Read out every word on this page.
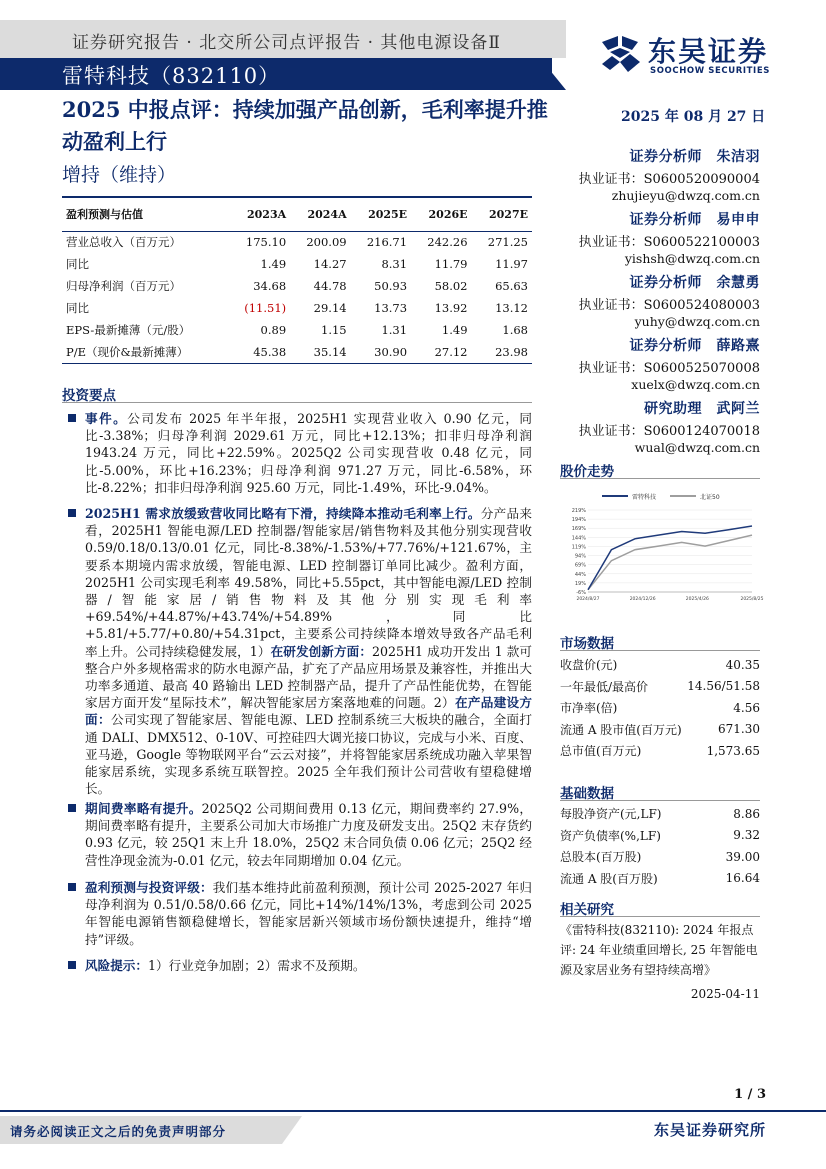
证券研究报告 · 北交所公司点评报告 · 其他电源设备Ⅱ
雷特科技（832110）
东吴证券
SOOCHOW SECURITIES
2025 中报点评：持续加强产品创新，毛利率提升推动盈利上行
增持（维持）
2025 年 08 月 27 日
盈利预测与估值	2023A	2024A	2025E	2026E	2027E
营业总收入（百万元）	175.10	200.09	216.71	242.26	271.25
同比	1.49	14.27	8.31	11.79	11.97
归母净利润（百万元）	34.68	44.78	50.93	58.02	65.63
同比	(11.51)	29.14	13.73	13.92	13.12
EPS-最新摊薄（元/股）	0.89	1.15	1.31	1.49	1.68
P/E（现价&最新摊薄）	45.38	35.14	30.90	27.12	23.98
证券分析师　朱洁羽
执业证书：S0600520090004
zhujieyu@dwzq.com.cn
证券分析师　易申申
执业证书：S0600522100003
yishsh@dwzq.com.cn
证券分析师　余慧勇
执业证书：S0600524080003
yuhy@dwzq.com.cn
证券分析师　薛路熹
执业证书：S0600525070008
xuelx@dwzq.com.cn
研究助理　武阿兰
执业证书：S0600124070018
wual@dwzq.com.cn
投资要点

事件。公司发布 2025 年半年报，2025H1 实现营业收入 0.90 亿元，同比-3.38%；归母净利润 2029.61 万元，同比+12.13%；扣非归母净利润 1943.24 万元，同比+22.59%。2025Q2 公司实现营收 0.48 亿元，同比-5.00%，环比+16.23%；归母净利润 971.27 万元，同比-6.58%，环比-8.22%；扣非归母净利润 925.60 万元，同比-1.49%，环比-9.04%。

2025H1 需求放缓致营收同比略有下滑，持续降本推动毛利率上行。分产品来看，2025H1 智能电源/LED 控制器/智能家居/销售物料及其他分别实现营收 0.59/0.18/0.13/0.01 亿元，同比-8.38%/-1.53%/+77.76%/+121.67%，主要系本期境内需求放缓，智能电源、LED 控制器订单同比减少。盈利方面，2025H1 公司实现毛利率 49.58%，同比+5.55pct，其中智能电源/LED 控制器/智能家居/销售物料及其他分别实现毛利率+69.54%/+44.87%/+43.74%/+54.89%，同比+5.81/+5.77/+0.80/+54.31pct，主要系公司持续降本增效导致各产品毛利率上升。公司持续稳健发展，1）在研发创新方面：2025H1 成功开发出 1 款可整合户外多规格需求的防水电源产品，扩充了产品应用场景及兼容性，并推出大功率多通道、最高 40 路输出 LED 控制器产品，提升了产品性能优势，在智能家居方面开发“星际技术”，解决智能家居方案落地难的问题。2）在产品建设方面：公司实现了智能家居、智能电源、LED 控制系统三大板块的融合，全面打通 DALI、DMX512、0-10V、可控硅四大调光接口协议，完成与小米、百度、亚马逊，Google 等物联网平台“云云对接”，并将智能家居系统成功融入苹果智能家居系统，实现多系统互联智控。2025 全年我们预计公司营收有望稳健增长。

期间费率略有提升。2025Q2 公司期间费用 0.13 亿元，期间费率约 27.9%，期间费率略有提升，主要系公司加大市场推广力度及研发支出。25Q2 末存货约 0.93 亿元，较 25Q1 末上升 18.0%，25Q2 末合同负债 0.06 亿元；25Q2 经营性净现金流为-0.01 亿元，较去年同期增加 0.04 亿元。

盈利预测与投资评级：我们基本维持此前盈利预测，预计公司 2025-2027 年归母净利润为 0.51/0.58/0.66 亿元，同比+14%/14%/13%，考虑到公司 2025 年智能电源销售额稳健增长，智能家居新兴领域市场份额快速提升，维持“增持”评级。

风险提示：1）行业竞争加剧；2）需求不及预期。

股价走势
雷特科技	北证50
219%
194%
169%
144%
119%
94%
69%
44%
19%
-6%
2024/8/27	2024/12/26	2025/4/26	2025/8/25
市场数据
收盘价(元)	40.35
一年最低/最高价	14.56/51.58
市净率(倍)	4.56
流通 A 股市值(百万元)	671.30
总市值(百万元)	1,573.65
基础数据
每股净资产(元,LF)	8.86
资产负债率(%,LF)	9.32
总股本(百万股)	39.00
流通 A 股(百万股)	16.64
相关研究
《雷特科技(832110): 2024 年报点评: 24 年业绩重回增长, 25 年智能电源及家居业务有望持续高增》
2025-04-11
1 / 3
请务必阅读正文之后的免责声明部分	东吴证券研究所
